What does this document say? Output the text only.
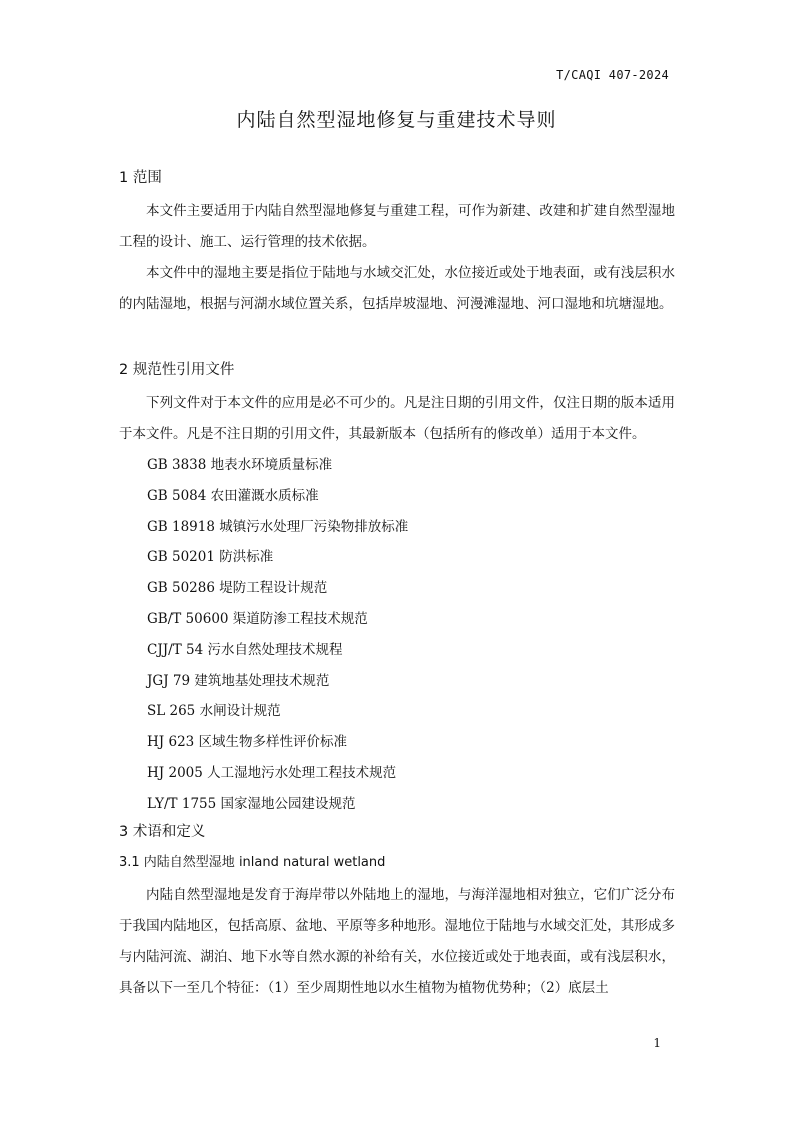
T/CAQI 407-2024
内陆自然型湿地修复与重建技术导则
1 范围

本文件主要适用于内陆自然型湿地修复与重建工程，可作为新建、改建和扩建自然型湿地工程的设计、施工、运行管理的技术依据。

本文件中的湿地主要是指位于陆地与水域交汇处，水位接近或处于地表面，或有浅层积水的内陆湿地，根据与河湖水域位置关系，包括岸坡湿地、河漫滩湿地、河口湿地和坑塘湿地。

2 规范性引用文件

下列文件对于本文件的应用是必不可少的。凡是注日期的引用文件，仅注日期的版本适用于本文件。凡是不注日期的引用文件，其最新版本（包括所有的修改单）适用于本文件。

GB 3838 地表水环境质量标准

GB 5084 农田灌溉水质标准

GB 18918 城镇污水处理厂污染物排放标准

GB 50201 防洪标准

GB 50286 堤防工程设计规范

GB/T 50600 渠道防渗工程技术规范

CJJ/T 54 污水自然处理技术规程

JGJ 79 建筑地基处理技术规范

SL 265 水闸设计规范

HJ 623 区域生物多样性评价标准

HJ 2005 人工湿地污水处理工程技术规范

LY/T 1755 国家湿地公园建设规范

3 术语和定义
3.1 内陆自然型湿地 inland natural wetland

内陆自然型湿地是发育于海岸带以外陆地上的湿地，与海洋湿地相对独立，它们广泛分布于我国内陆地区，包括高原、盆地、平原等多种地形。湿地位于陆地与水域交汇处，其形成多与内陆河流、湖泊、地下水等自然水源的补给有关，水位接近或处于地表面，或有浅层积水，具备以下一至几个特征：（1）至少周期性地以水生植物为植物优势种；（2）底层土

1
